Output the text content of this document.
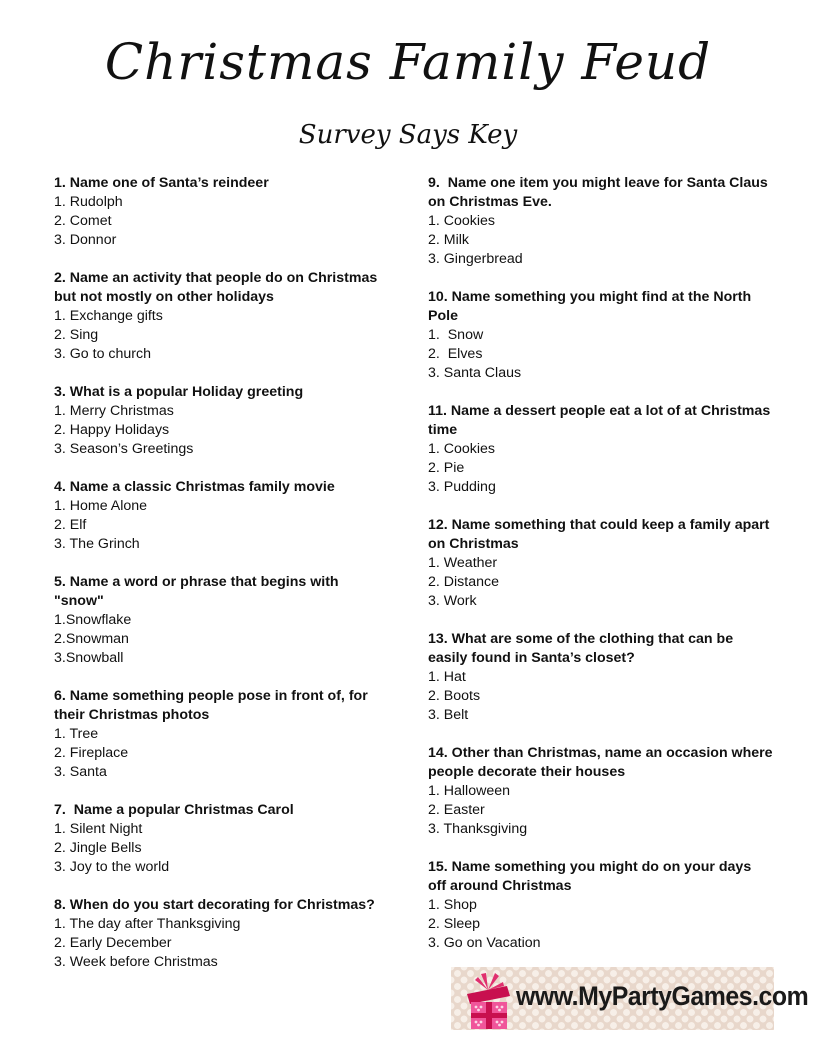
Christmas Family Feud
Survey Says Key
1. Name one of Santa’s reindeer
1. Rudolph
2. Comet
3. Donnor
2. Name an activity that people do on Christmas but not mostly on other holidays
1. Exchange gifts
2. Sing
3. Go to church
3. What is a popular Holiday greeting
1. Merry Christmas
2. Happy Holidays
3. Season’s Greetings
4. Name a classic Christmas family movie
1. Home Alone
2. Elf
3. The Grinch
5. Name a word or phrase that begins with "snow"
1.Snowflake
2.Snowman
3.Snowball
6. Name something people pose in front of, for their Christmas photos
1. Tree
2. Fireplace
3. Santa
7.  Name a popular Christmas Carol
1. Silent Night
2. Jingle Bells
3. Joy to the world
8. When do you start decorating for Christmas?
1. The day after Thanksgiving
2. Early December
3. Week before Christmas
9.  Name one item you might leave for Santa Claus on Christmas Eve.
1. Cookies
2. Milk
3. Gingerbread
10. Name something you might find at the North Pole
1.  Snow
2.  Elves
3. Santa Claus
11. Name a dessert people eat a lot of at Christmas time
1. Cookies
2. Pie
3. Pudding
12. Name something that could keep a family apart on Christmas
1. Weather
2. Distance
3. Work
13. What are some of the clothing that can be easily found in Santa’s closet?
1. Hat
2. Boots
3. Belt
14. Other than Christmas, name an occasion where people decorate their houses
1. Halloween
2. Easter
3. Thanksgiving
15. Name something you might do on your days off around Christmas
1. Shop
2. Sleep
3. Go on Vacation
www.MyPartyGames.com
